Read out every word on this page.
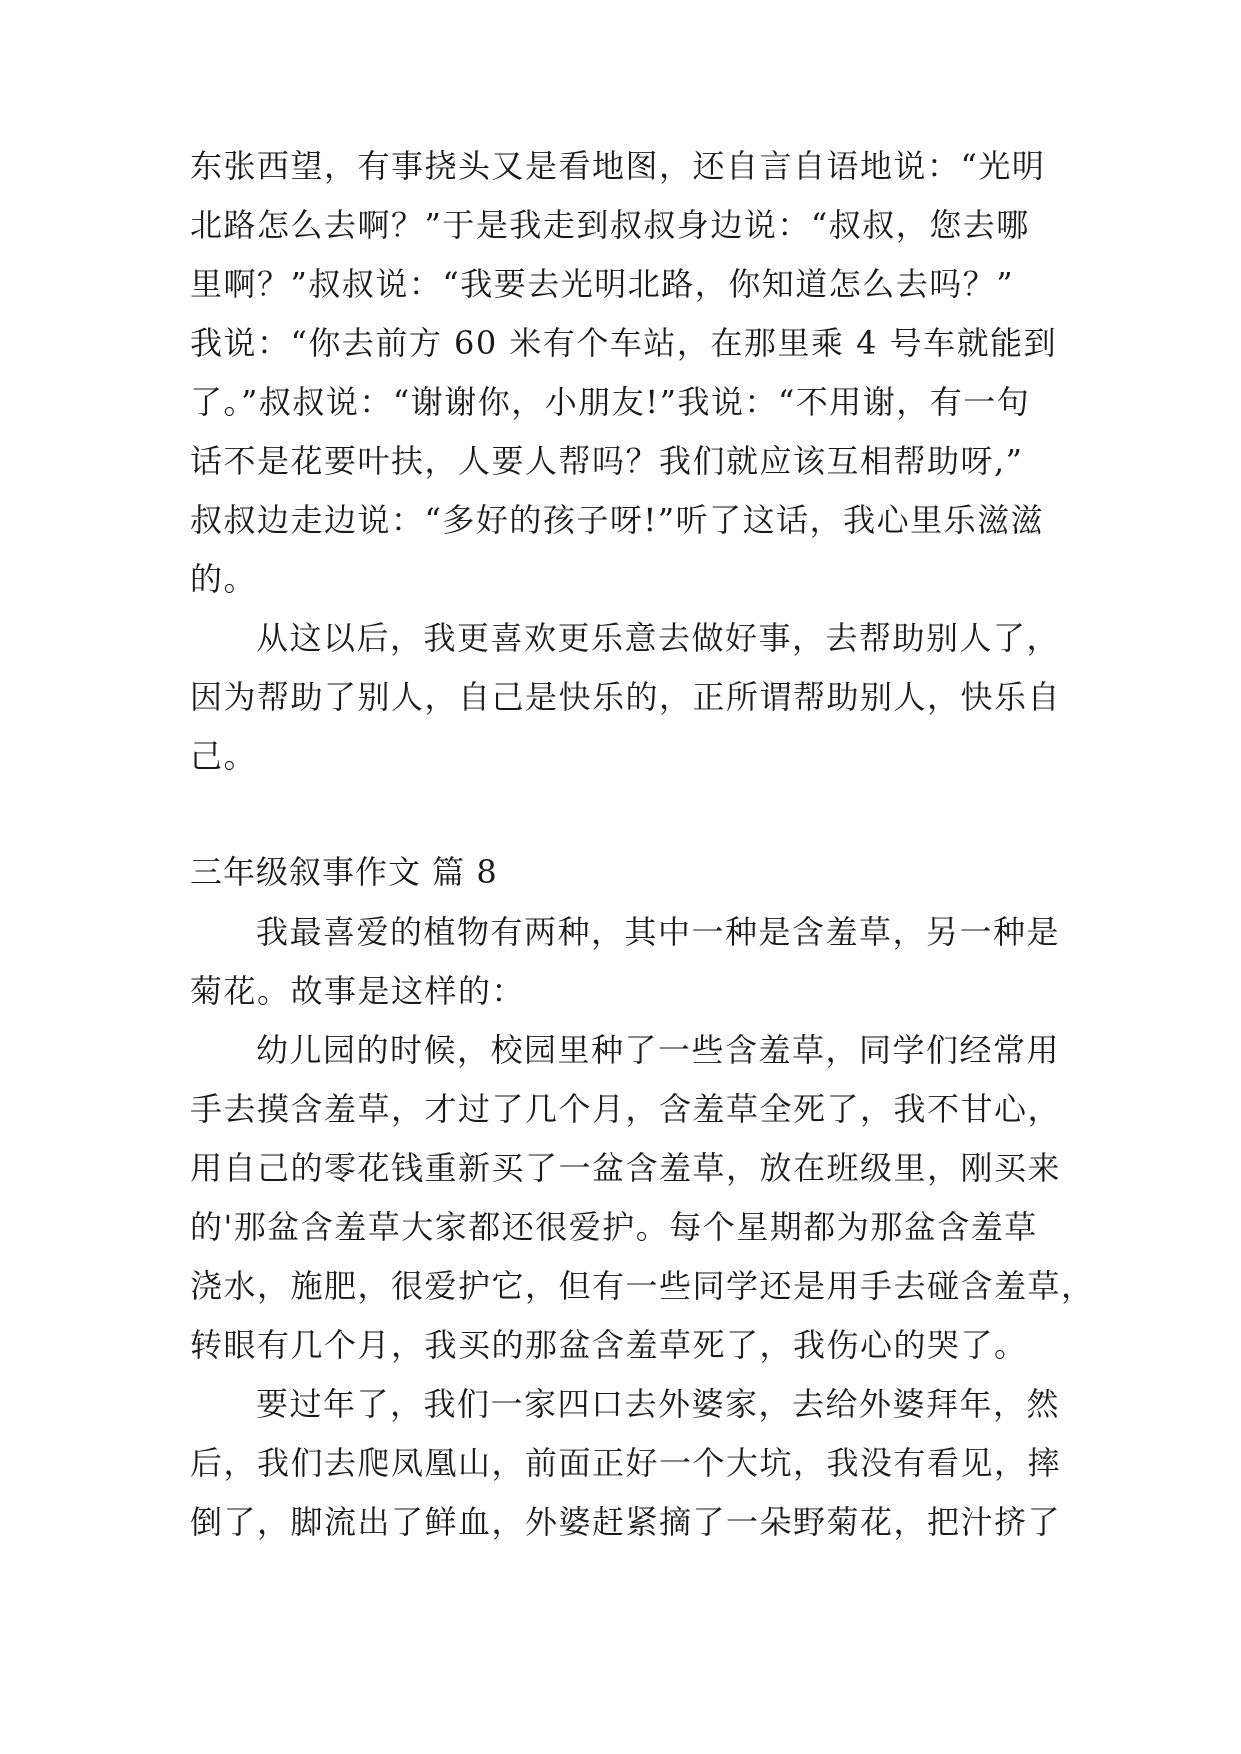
东张西望，有事挠头又是看地图，还自言自语地说：“光明
北路怎么去啊？”于是我走到叔叔身边说：“叔叔，您去哪
里啊？”叔叔说：“我要去光明北路，你知道怎么去吗？”
我说：“你去前方 60 米有个车站，在那里乘 4 号车就能到
了。”叔叔说：“谢谢你，小朋友!”我说：“不用谢，有一句
话不是花要叶扶，人要人帮吗？我们就应该互相帮助呀,”
叔叔边走边说：“多好的孩子呀!”听了这话，我心里乐滋滋
的。
从这以后，我更喜欢更乐意去做好事，去帮助别人了，
因为帮助了别人，自己是快乐的，正所谓帮助别人，快乐自
己。
三年级叙事作文 篇 8
我最喜爱的植物有两种，其中一种是含羞草，另一种是
菊花。故事是这样的：
幼儿园的时候，校园里种了一些含羞草，同学们经常用
手去摸含羞草，才过了几个月，含羞草全死了，我不甘心，
用自己的零花钱重新买了一盆含羞草，放在班级里，刚买来
的'那盆含羞草大家都还很爱护。每个星期都为那盆含羞草
浇水，施肥，很爱护它，但有一些同学还是用手去碰含羞草，
转眼有几个月，我买的那盆含羞草死了，我伤心的哭了。
要过年了，我们一家四口去外婆家，去给外婆拜年，然
后，我们去爬凤凰山，前面正好一个大坑，我没有看见，摔
倒了，脚流出了鲜血，外婆赶紧摘了一朵野菊花，把汁挤了
